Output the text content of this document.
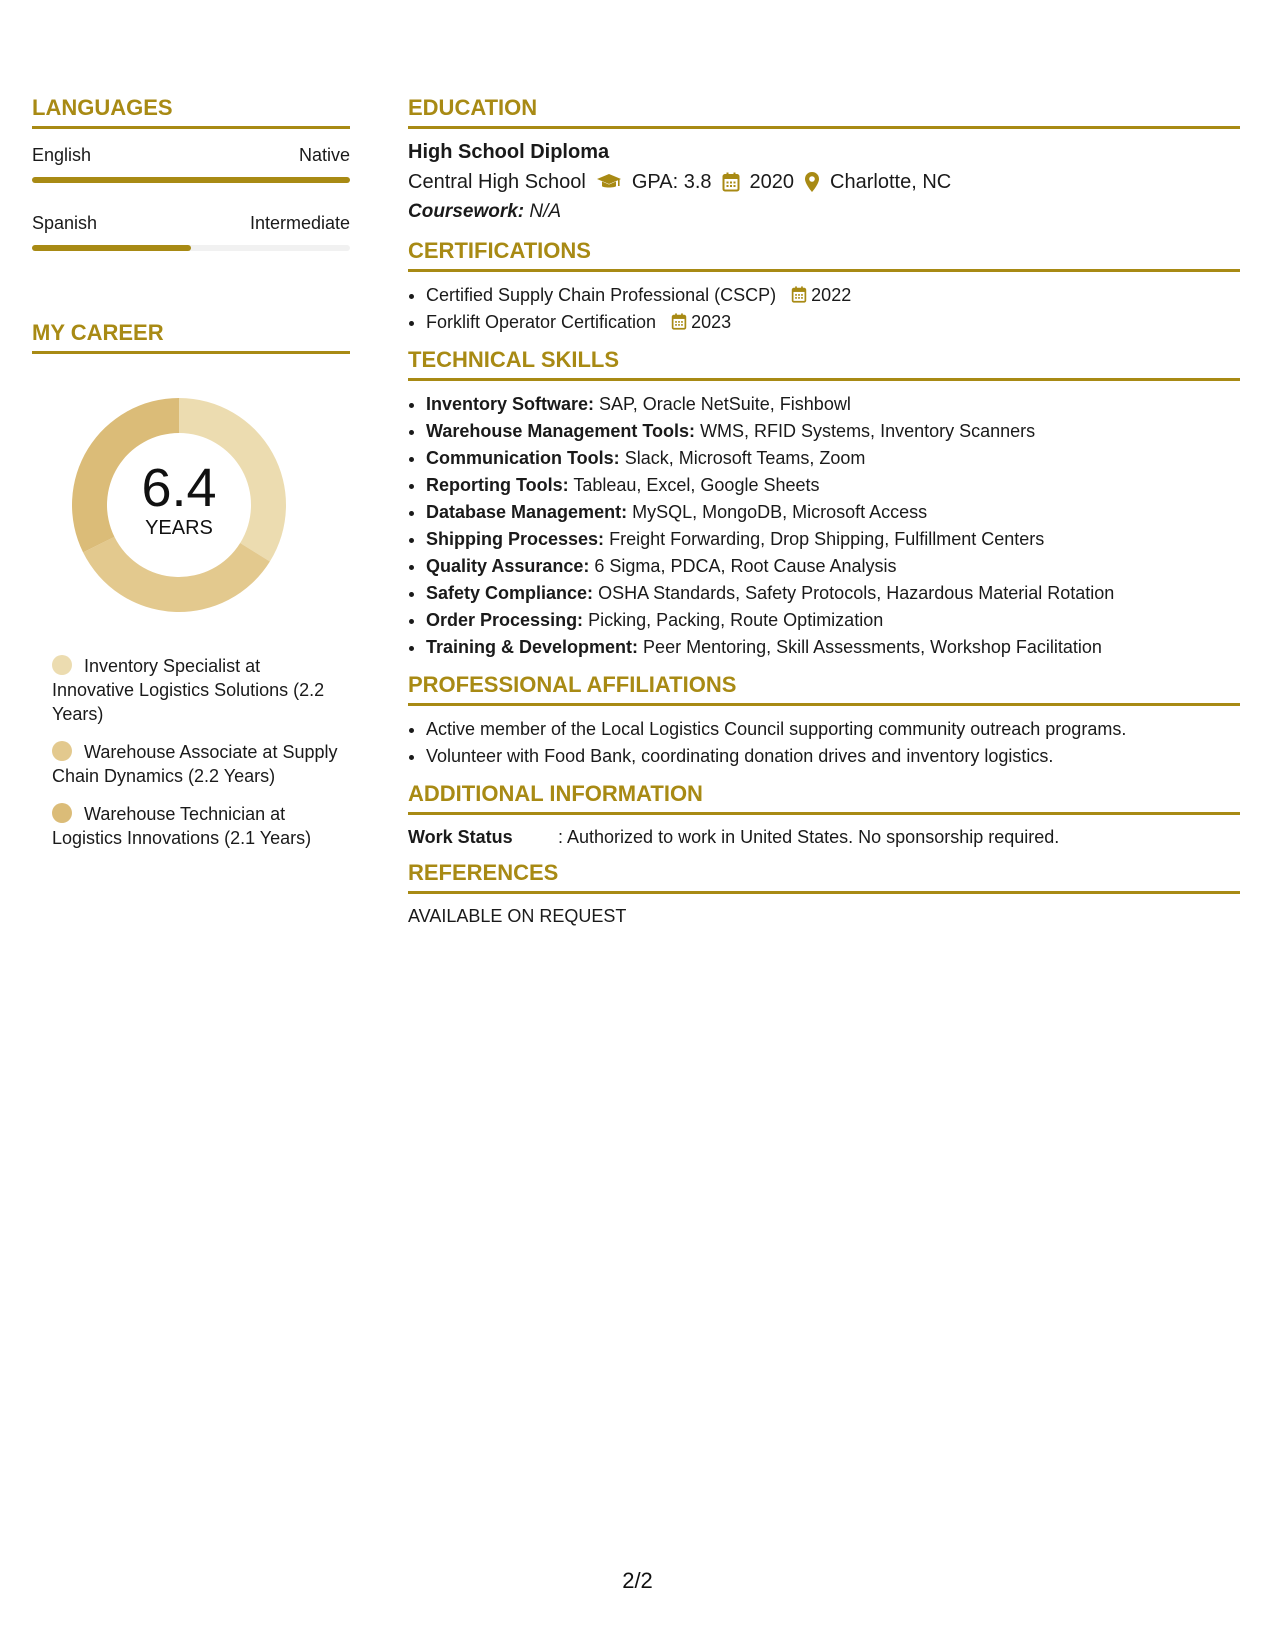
LANGUAGES
English	Native
Spanish	Intermediate
MY CAREER
6.4
YEARS
Inventory Specialist at Innovative Logistics Solutions (2.2 Years)
Warehouse Associate at Supply Chain Dynamics (2.2 Years)
Warehouse Technician at Logistics Innovations (2.1 Years)
EDUCATION
High School Diploma
Central High School GPA: 3.8 2020 Charlotte, NC
Coursework: N/A
CERTIFICATIONS
• Certified Supply Chain Professional (CSCP) 2022
• Forklift Operator Certification 2023
TECHNICAL SKILLS
• Inventory Software: SAP, Oracle NetSuite, Fishbowl
• Warehouse Management Tools: WMS, RFID Systems, Inventory Scanners
• Communication Tools: Slack, Microsoft Teams, Zoom
• Reporting Tools: Tableau, Excel, Google Sheets
• Database Management: MySQL, MongoDB, Microsoft Access
• Shipping Processes: Freight Forwarding, Drop Shipping, Fulfillment Centers
• Quality Assurance: 6 Sigma, PDCA, Root Cause Analysis
• Safety Compliance: OSHA Standards, Safety Protocols, Hazardous Material Rotation
• Order Processing: Picking, Packing, Route Optimization
• Training & Development: Peer Mentoring, Skill Assessments, Workshop Facilitation
PROFESSIONAL AFFILIATIONS
• Active member of the Local Logistics Council supporting community outreach programs.
• Volunteer with Food Bank, coordinating donation drives and inventory logistics.
ADDITIONAL INFORMATION
Work Status	: Authorized to work in United States. No sponsorship required.
REFERENCES
AVAILABLE ON REQUEST
2/2
